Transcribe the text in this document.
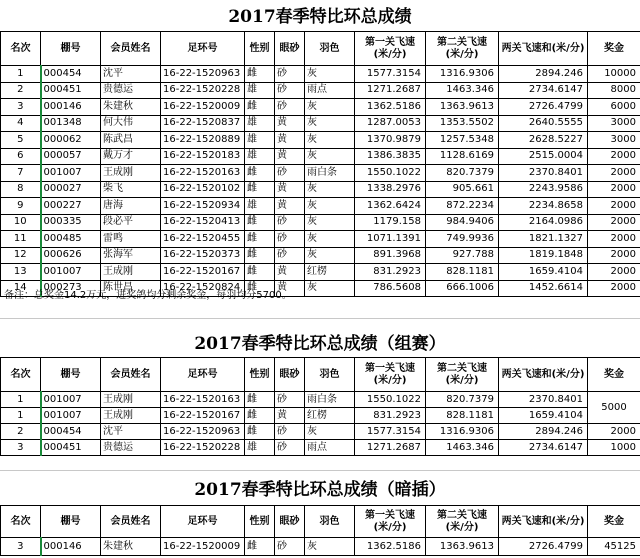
2017春季特比环总成绩
名次	棚号	会员姓名	足环号	性别	眼砂	羽色	第一关飞速(米/分)	第二关飞速(米/分)	两关飞速和(米/分)	奖金
1	000454	沈平	16-22-1520963	雌	砂	灰	1577.3154	1316.9306	2894.246	10000
2	000451	贵德运	16-22-1520228	雄	砂	雨点	1271.2687	1463.346	2734.6147	8000
3	000146	朱建秋	16-22-1520009	雌	砂	灰	1362.5186	1363.9613	2726.4799	6000
4	001348	何大伟	16-22-1520837	雄	黄	灰	1287.0053	1353.5502	2640.5555	3000
5	000062	陈武昌	16-22-1520889	雄	黄	灰	1370.9879	1257.5348	2628.5227	3000
6	000057	戴万才	16-22-1520183	雄	黄	灰	1386.3835	1128.6169	2515.0004	2000
7	001007	王成刚	16-22-1520163	雌	砂	雨白条	1550.1022	820.7379	2370.8401	2000
8	000027	柴飞	16-22-1520102	雌	黄	灰	1338.2976	905.661	2243.9586	2000
9	000227	唐海	16-22-1520934	雄	黄	灰	1362.6424	872.2234	2234.8658	2000
10	000335	段必平	16-22-1520413	雌	砂	灰	1179.158	984.9406	2164.0986	2000
11	000485	雷鸣	16-22-1520455	雌	砂	灰	1071.1391	749.9936	1821.1327	2000
12	000626	张海军	16-22-1520373	雌	砂	灰	891.3968	927.788	1819.1848	2000
13	001007	王成刚	16-22-1520167	雌	黄	红楞	831.2923	828.1181	1659.4104	2000
14	000273	陈世昌	16-22-1520824	雌	黄	灰	786.5608	666.1006	1452.6614	2000
备注：总奖金14.2万元，进奖鸽均分剩余奖金，每羽均分5700。
2017春季特比环总成绩（组赛）
名次	棚号	会员姓名	足环号	性别	眼砂	羽色	第一关飞速(米/分)	第二关飞速(米/分)	两关飞速和(米/分)	奖金
1	001007	王成刚	16-22-1520163	雌	砂	雨白条	1550.1022	820.7379	2370.8401	5000
1	001007	王成刚	16-22-1520167	雌	黄	红楞	831.2923	828.1181	1659.4104	
2	000454	沈平	16-22-1520963	雌	砂	灰	1577.3154	1316.9306	2894.246	2000
3	000451	贵德运	16-22-1520228	雄	砂	雨点	1271.2687	1463.346	2734.6147	1000
2017春季特比环总成绩（暗插）
名次	棚号	会员姓名	足环号	性别	眼砂	羽色	第一关飞速(米/分)	第二关飞速(米/分)	两关飞速和(米/分)	奖金
3	000146	朱建秋	16-22-1520009	雌	砂	灰	1362.5186	1363.9613	2726.4799	45125
